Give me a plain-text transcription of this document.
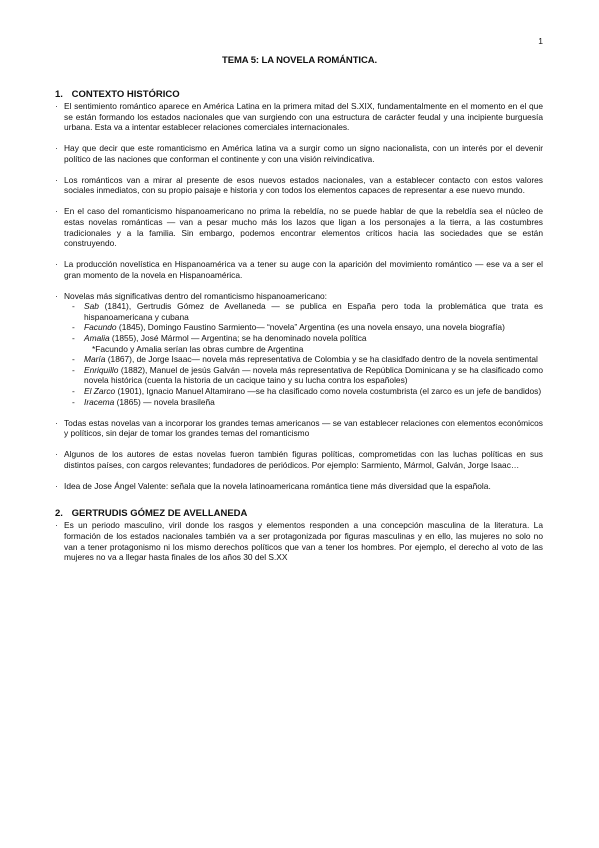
1
TEMA 5: LA NOVELA ROMÁNTICA.
1. CONTEXTO HISTÓRICO

· El sentimiento romántico aparece en América Latina en la primera mitad del S.XIX, fundamentalmente en el momento en el que se están formando los estados nacionales que van surgiendo con una estructura de carácter feudal y una incipiente burguesía urbana. Esta va a intentar establecer relaciones comerciales internacionales.

· Hay que decir que este romanticismo en América latina va a surgir como un signo nacionalista, con un interés por el devenir político de las naciones que conforman el continente y con una visión reivindicativa.

· Los románticos van a mirar al presente de esos nuevos estados nacionales, van a establecer contacto con estos valores sociales inmediatos, con su propio paisaje e historia y con todos los elementos capaces de representar a ese nuevo mundo.

· En el caso del romanticismo hispanoamericano no prima la rebeldía, no se puede hablar de que la rebeldía sea el núcleo de estas novelas románticas — van a pesar mucho más los lazos que ligan a los personajes a la tierra, a las costumbres tradicionales y a la familia. Sin embargo, podemos encontrar elementos críticos hacia las sociedades que se están construyendo.

· La producción novelística en Hispanoamérica va a tener su auge con la aparición del movimiento romántico — ese va a ser el gran momento de la novela en Hispanoamérica.

· Novelas más significativas dentro del romanticismo hispanoamericano:

- Sab (1841), Gertrudis Gómez de Avellaneda — se publica en España pero toda la problemática que trata es hispanoamericana y cubana
- Facundo (1845), Domingo Faustino Sarmiento— “novela” Argentina (es una novela ensayo, una novela biografía)
- Amalia (1855), José Mármol — Argentina; se ha denominado novela política
*Facundo y Amalia serían las obras cumbre de Argentina
- María (1867), de Jorge Isaac— novela más representativa de Colombia y se ha clasidfado dentro de la novela sentimental
- Enriquillo (1882), Manuel de jesús Galván — novela más representativa de República Dominicana y se ha clasificado como novela histórica (cuenta la historia de un cacique taino y su lucha contra los españoles)
- El Zarco (1901), Ignacio Manuel Altamirano —se ha clasificado como novela costumbrista (el zarco es un jefe de bandidos)
- Iracema (1865) — novela brasileña

· Todas estas novelas van a incorporar los grandes temas americanos — se van establecer relaciones con elementos económicos y políticos, sin dejar de tomar los grandes temas del romanticismo

· Algunos de los autores de estas novelas fueron también figuras políticas, comprometidas con las luchas políticas en sus distintos países, con cargos relevantes; fundadores de periódicos. Por ejemplo: Sarmiento, Mármol, Galván, Jorge Isaac…

· Idea de Jose Ángel Valente: señala que la novela latinoamericana romántica tiene más diversidad que la española.

2. GERTRUDIS GÓMEZ DE AVELLANEDA

· Es un periodo masculino, viril donde los rasgos y elementos responden a una concepción masculina de la literatura. La formación de los estados nacionales también va a ser protagonizada por figuras masculinas y en ello, las mujeres no solo no van a tener protagonismo ni los mismo derechos políticos que van a tener los hombres. Por ejemplo, el derecho al voto de las mujeres no va a llegar hasta finales de los años 30 del S.XX
